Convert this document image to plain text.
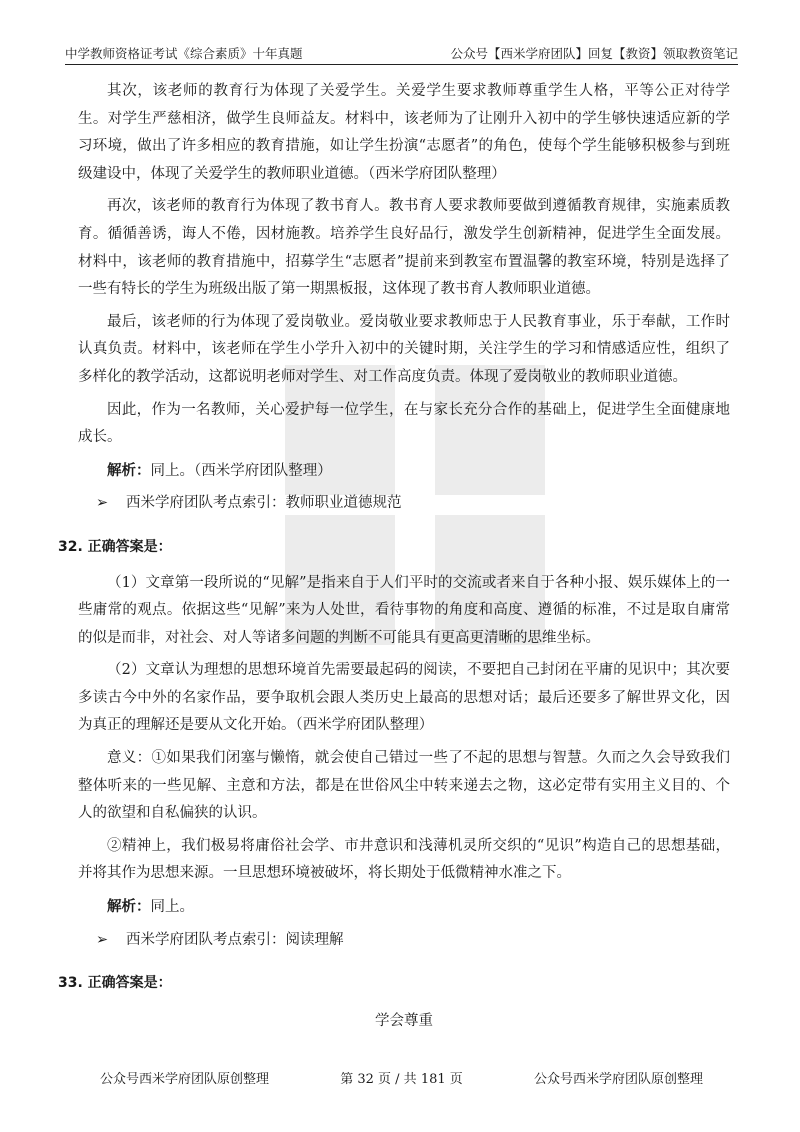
中学教师资格证考试《综合素质》十年真题	公众号【西米学府团队】回复【教资】领取教资笔记

其次，该老师的教育行为体现了关爱学生。关爱学生要求教师尊重学生人格，平等公正对待学生。对学生严慈相济，做学生良师益友。材料中，该老师为了让刚升入初中的学生够快速适应新的学习环境，做出了许多相应的教育措施，如让学生扮演“志愿者”的角色，使每个学生能够积极参与到班级建设中，体现了关爱学生的教师职业道德。（西米学府团队整理）

再次，该老师的教育行为体现了教书育人。教书育人要求教师要做到遵循教育规律，实施素质教育。循循善诱，诲人不倦，因材施教。培养学生良好品行，激发学生创新精神，促进学生全面发展。材料中，该老师的教育措施中，招募学生“志愿者”提前来到教室布置温馨的教室环境，特别是选择了一些有特长的学生为班级出版了第一期黑板报，这体现了教书育人教师职业道德。

最后，该老师的行为体现了爱岗敬业。爱岗敬业要求教师忠于人民教育事业，乐于奉献，工作时认真负责。材料中，该老师在学生小学升入初中的关键时期，关注学生的学习和情感适应性，组织了多样化的教学活动，这都说明老师对学生、对工作高度负责。体现了爱岗敬业的教师职业道德。

因此，作为一名教师，关心爱护每一位学生，在与家长充分合作的基础上，促进学生全面健康地成长。

解析：同上。（西米学府团队整理）

➢ 西米学府团队考点索引：教师职业道德规范

32. 正确答案是：

（1）文章第一段所说的“见解”是指来自于人们平时的交流或者来自于各种小报、娱乐媒体上的一些庸常的观点。依据这些“见解”来为人处世，看待事物的角度和高度、遵循的标准，不过是取自庸常的似是而非，对社会、对人等诸多问题的判断不可能具有更高更清晰的思维坐标。

（2）文章认为理想的思想环境首先需要最起码的阅读，不要把自己封闭在平庸的见识中；其次要多读古今中外的名家作品，要争取机会跟人类历史上最高的思想对话；最后还要多了解世界文化，因为真正的理解还是要从文化开始。（西米学府团队整理）

意义：①如果我们闭塞与懒惰，就会使自己错过一些了不起的思想与智慧。久而之久会导致我们整体听来的一些见解、主意和方法，都是在世俗风尘中转来递去之物，这必定带有实用主义目的、个人的欲望和自私偏狭的认识。

②精神上，我们极易将庸俗社会学、市井意识和浅薄机灵所交织的“见识”构造自己的思想基础，并将其作为思想来源。一旦思想环境被破坏，将长期处于低微精神水准之下。

解析：同上。

➢ 西米学府团队考点索引：阅读理解

33. 正确答案是：
学会尊重
公众号西米学府团队原创整理	第 32 页 / 共 181 页	公众号西米学府团队原创整理
